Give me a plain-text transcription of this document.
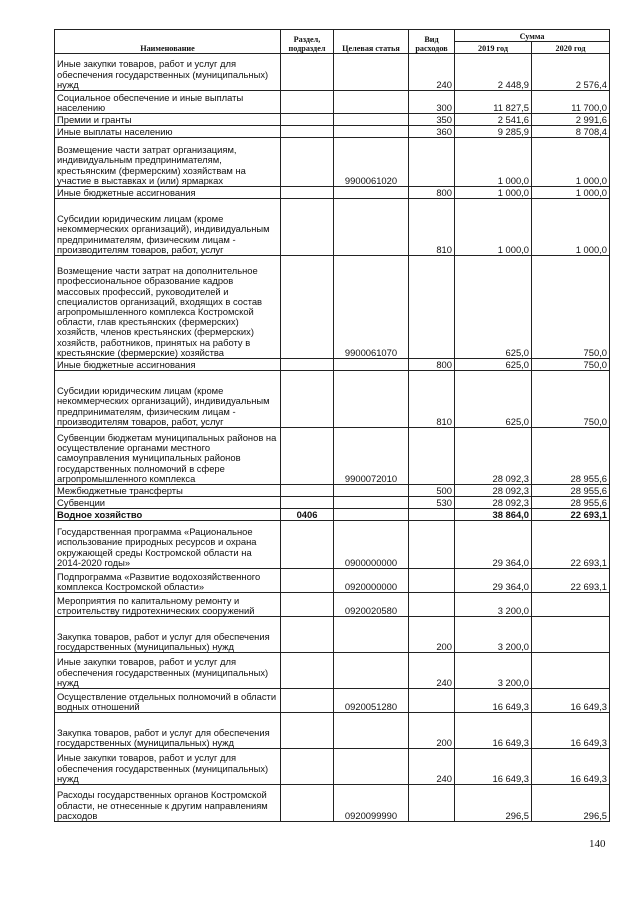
Наименование	Раздел, подраздел	Целевая статья	Вид расходов	Сумма	
				2019 год	2020 год
Иные закупки товаров, работ и услуг для обеспечения государственных (муниципальных) нужд			240	2 448,9	2 576,4
Социальное обеспечение и иные выплаты населению			300	11 827,5	11 700,0
Премии и гранты			350	2 541,6	2 991,6
Иные выплаты населению			360	9 285,9	8 708,4
Возмещение части затрат организациям, индивидуальным предпринимателям, крестьянским (фермерским) хозяйствам на участие в выставках и (или) ярмарках		9900061020		1 000,0	1 000,0
Иные бюджетные ассигнования			800	1 000,0	1 000,0
Субсидии юридическим лицам (кроме некоммерческих организаций), индивидуальным предпринимателям, физическим лицам - производителям товаров, работ, услуг			810	1 000,0	1 000,0
Возмещение части затрат на дополнительное профессиональное образование кадров массовых профессий, руководителей и специалистов организаций, входящих в состав агропромышленного комплекса Костромской области, глав крестьянских (фермерских) хозяйств, членов крестьянских (фермерских) хозяйств, работников, принятых на работу в крестьянские (фермерские) хозяйства		9900061070		625,0	750,0
Иные бюджетные ассигнования			800	625,0	750,0
Субсидии юридическим лицам (кроме некоммерческих организаций), индивидуальным предпринимателям, физическим лицам - производителям товаров, работ, услуг			810	625,0	750,0
Субвенции бюджетам муниципальных районов на осуществление органами местного самоуправления муниципальных районов государственных полномочий в сфере агропромышленного комплекса		9900072010		28 092,3	28 955,6
Межбюджетные трансферты			500	28 092,3	28 955,6
Субвенции			530	28 092,3	28 955,6
Водное хозяйство	0406			38 864,0	22 693,1
Государственная программа «Рациональное использование природных ресурсов и охрана окружающей среды Костромской области на 2014-2020 годы»		0900000000		29 364,0	22 693,1
Подпрограмма «Развитие водохозяйственного комплекса Костромской области»		0920000000		29 364,0	22 693,1
Мероприятия по капитальному ремонту и строительству гидротехнических сооружений		0920020580		3 200,0	
Закупка товаров, работ и услуг для обеспечения государственных (муниципальных) нужд			200	3 200,0	
Иные закупки товаров, работ и услуг для обеспечения государственных (муниципальных) нужд			240	3 200,0	
Осуществление отдельных полномочий в области водных отношений		0920051280		16 649,3	16 649,3
Закупка товаров, работ и услуг для обеспечения государственных (муниципальных) нужд			200	16 649,3	16 649,3
Иные закупки товаров, работ и услуг для обеспечения государственных (муниципальных) нужд			240	16 649,3	16 649,3
Расходы государственных органов Костромской области, не отнесенные к другим направлениям расходов		0920099990		296,5	296,5
140
